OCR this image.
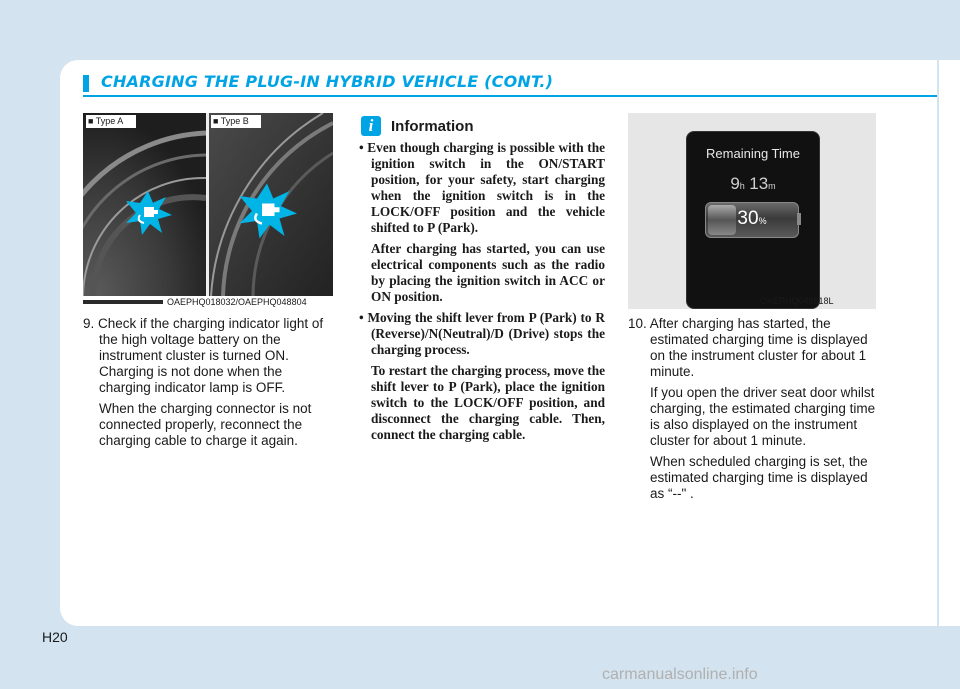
CHARGING THE PLUG-IN HYBRID VEHICLE (CONT.)
■ Type A	■ Type B
OAEPHQ018032/OAEPHQ048804

9. Check if the charging indicator light of the high voltage battery on the instrument cluster is turned ON. Charging is not done when the charging indicator lamp is OFF.

When the charging connector is not connected properly, reconnect the charging cable to charge it again.

i	Information

• Even though charging is possible with the ignition switch in the ON/START position, for your safety, start charging when the ignition switch is in the LOCK/OFF position and the vehicle shifted to P (Park).

After charging has started, you can use electrical components such as the radio by placing the ignition switch in ACC or ON position.

• Moving the shift lever from P (Park) to R (Reverse)/N(Neutral)/D (Drive) stops the charging process.

To restart the charging process, move the shift lever to P (Park), place the ignition switch to the LOCK/OFF position, and disconnect the charging cable. Then, connect the charging cable.

Remaining Time
9h 13m
30%
OAEPHQ049818L

10. After charging has started, the estimated charging time is displayed on the instrument cluster for about 1 minute.

If you open the driver seat door whilst charging, the estimated charging time is also displayed on the instrument cluster for about 1 minute.

When scheduled charging is set, the estimated charging time is displayed as “--" .

H20
carmanualsonline.info
